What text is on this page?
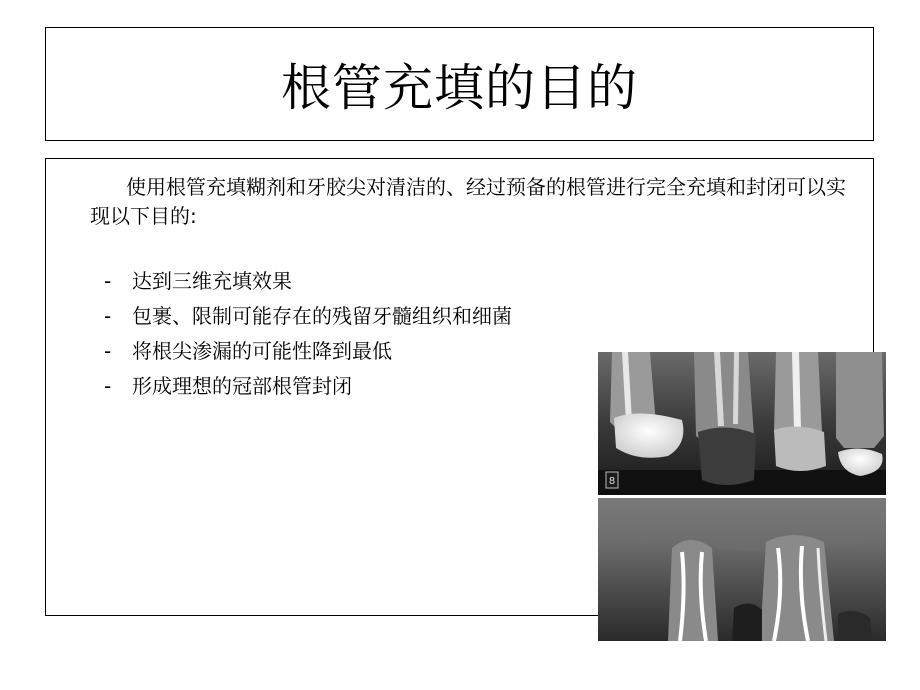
根管充填的目的

使用根管充填糊剂和牙胶尖对清洁的、经过预备的根管进行完全充填和封闭可以实现以下目的:

-	达到三维充填效果
-	包裹、限制可能存在的残留牙髓组织和细菌
-	将根尖渗漏的可能性降到最低
-	形成理想的冠部根管封闭
8
